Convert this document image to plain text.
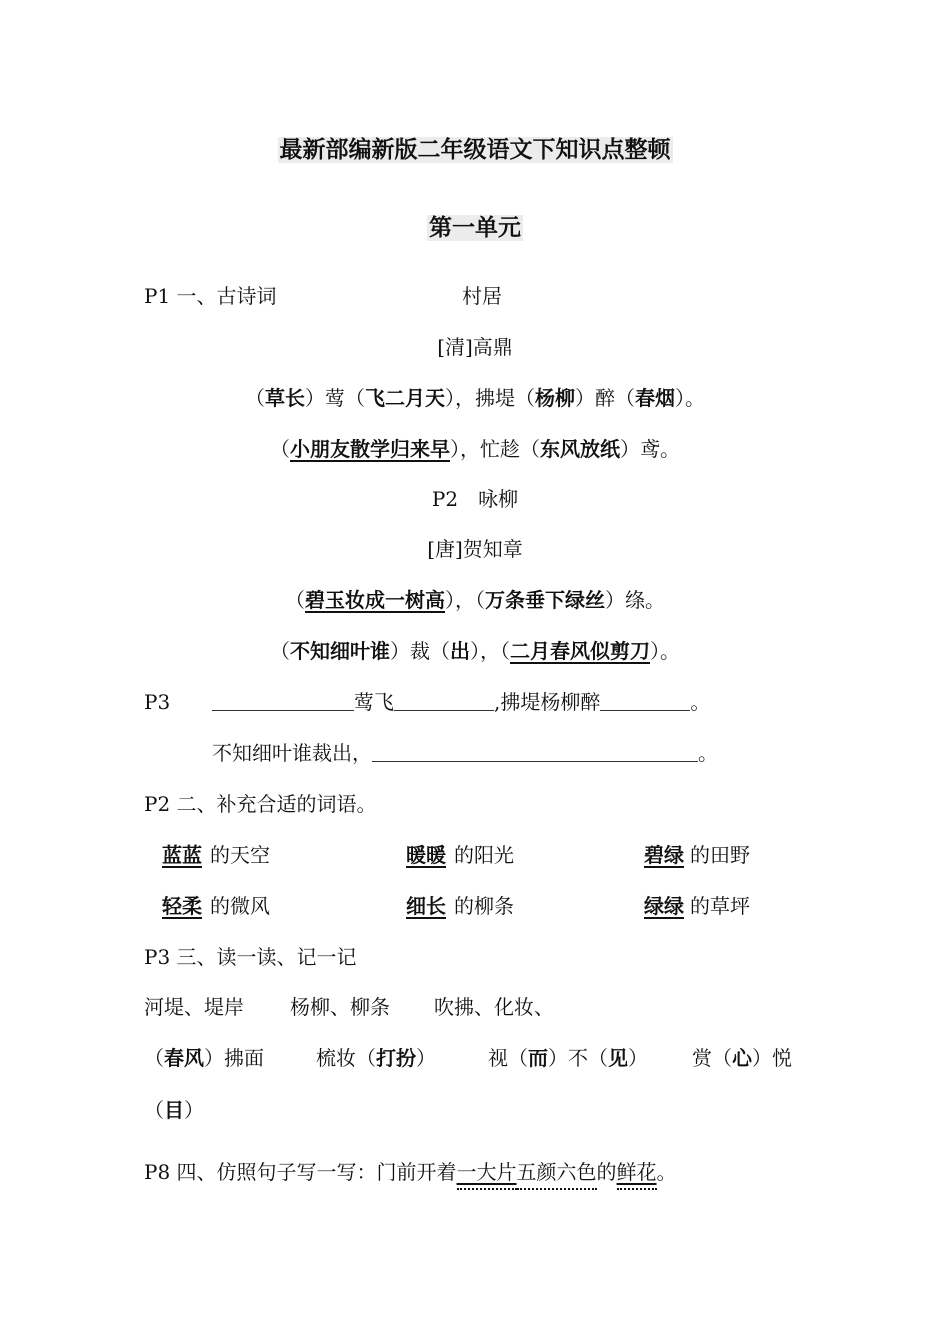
最新部编新版二年级语文下知识点整顿
第一单元
P1 一、古诗词	村居
[清]高鼎
（草长）莺（飞二月天），拂堤（杨柳）醉（春烟）。
（小朋友散学归来早），忙趁（东风放纸）鸢。
P2　咏柳
[唐]贺知章
（碧玉妆成一树高），（万条垂下绿丝）绦。
（不知细叶谁）裁（出），（二月春风似剪刀）。
P3	莺飞	,拂堤杨柳醉	。
不知细叶谁裁出，	。
P2 二、补充合适的词语。
蓝蓝 的天空	暖暖 的阳光	碧绿 的田野
轻柔 的微风	细长 的柳条	绿绿 的草坪
P3 三、读一读、记一记
河堤、堤岸 杨柳、柳条 吹拂、化妆、
（春风）拂面	梳妆（打扮）	视（而）不（见） 赏（心）悦
（目）
P8 四、仿照句子写一写：门前开着一大片五颜六色的鲜花。
